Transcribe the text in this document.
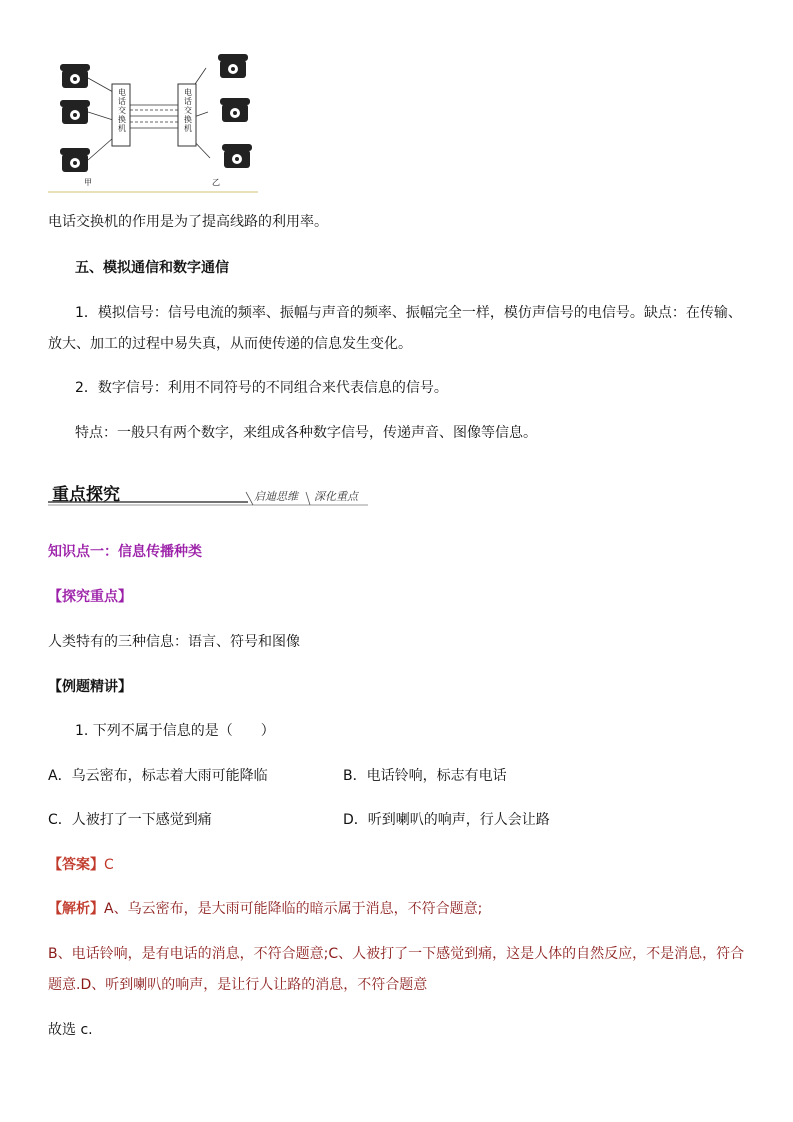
电话交换机
电话交换机
甲	乙
电话交换机的作用是为了提高线路的利用率。
五、模拟通信和数字通信
1．模拟信号：信号电流的频率、振幅与声音的频率、振幅完全一样，模仿声信号的电信号。缺点：在传输、
放大、加工的过程中易失真，从而使传递的信息发生变化。
2．数字信号：利用不同符号的不同组合来代表信息的信号。
特点：一般只有两个数字，来组成各种数字信号，传递声音、图像等信息。
重点探究	启迪思维 深化重点
知识点一：信息传播种类
【探究重点】
人类特有的三种信息：语言、符号和图像
【例题精讲】
1. 下列不属于信息的是（　　）
A．乌云密布，标志着大雨可能降临	B．电话铃响，标志有电话
C．人被打了一下感觉到痛	D．听到喇叭的响声，行人会让路
【答案】C
【解析】A、乌云密布，是大雨可能降临的暗示属于消息，不符合题意;
B、电话铃响，是有电话的消息，不符合题意;C、人被打了一下感觉到痛，这是人体的自然反应，不是消息，符合
题意.D、听到喇叭的响声，是让行人让路的消息，不符合题意
故选 c.
